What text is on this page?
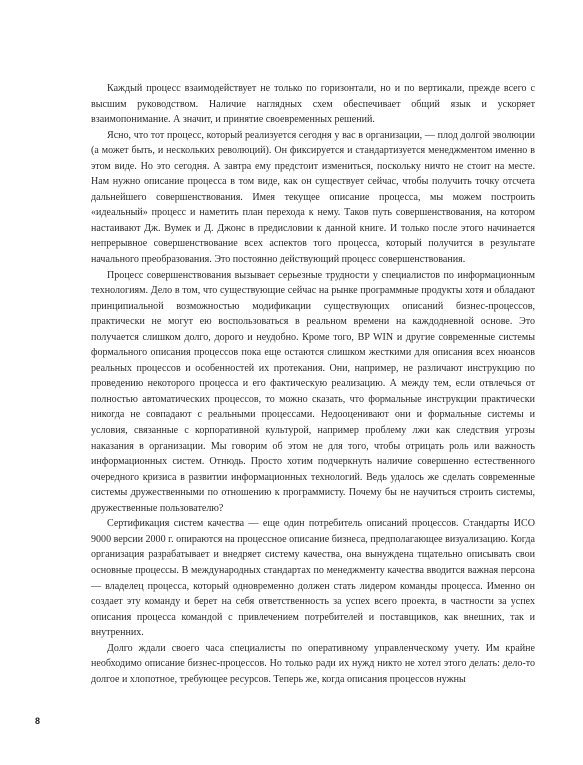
Каждый процесс взаимодействует не только по горизонтали, но и по вертикали, прежде всего с высшим руководством. Наличие наглядных схем обеспечивает общий язык и ускоряет взаимопонимание. А значит, и принятие своевременных решений.

Ясно, что тот процесс, который реализуется сегодня у вас в организации, — плод долгой эволюции (а может быть, и нескольких революций). Он фиксируется и стандартизуется менеджментом именно в этом виде. Но это сегодня. А завтра ему предстоит измениться, поскольку ничто не стоит на месте. Нам нужно описание процесса в том виде, как он существует сейчас, чтобы получить точку отсчета дальнейшего совершенствования. Имея текущее описание процесса, мы можем построить «идеальный» процесс и наметить план перехода к нему. Таков путь совершенствования, на котором настаивают Дж. Вумек и Д. Джонс в предисловии к данной книге. И только после этого начинается непрерывное совершенствование всех аспектов того процесса, который получится в результате начального преобразования. Это постоянно действующий процесс совершенствования.

Процесс совершенствования вызывает серьезные трудности у специалистов по информационным технологиям. Дело в том, что существующие сейчас на рынке программные продукты хотя и обладают принципиальной возможностью модификации существующих описаний бизнес-процессов, практически не могут ею воспользоваться в реальном времени на каждодневной основе. Это получается слишком долго, дорого и неудобно. Кроме того, BP WIN и другие современные системы формального описания процессов пока еще остаются слишком жесткими для описания всех нюансов реальных процессов и особенностей их протекания. Они, например, не различают инструкцию по проведению некоторого процесса и его фактическую реализацию. А между тем, если отвлечься от полностью автоматических процессов, то можно сказать, что формальные инструкции практически никогда не совпадают с реальными процессами. Недооценивают они и формальные системы и условия, связанные с корпоративной культурой, например проблему лжи как следствия угрозы наказания в организации. Мы говорим об этом не для того, чтобы отрицать роль или важность информационных систем. Отнюдь. Просто хотим подчеркнуть наличие совершенно естественного очередного кризиса в развитии информационных технологий. Ведь удалось же сделать современные системы дружественными по отношению к программисту. Почему бы не научиться строить системы, дружественные пользователю?

Сертификация систем качества — еще один потребитель описаний процессов. Стандарты ИСО 9000 версии 2000 г. опираются на процессное описание бизнеса, предполагающее визуализацию. Когда организация разрабатывает и внедряет систему качества, она вынуждена тщательно описывать свои основные процессы. В международных стандартах по менеджменту качества вводится важная персона — владелец процесса, который одновременно должен стать лидером команды процесса. Именно он создает эту команду и берет на себя ответственность за успех всего проекта, в частности за успех описания процесса командой с привлечением потребителей и поставщиков, как внешних, так и внутренних.

Долго ждали своего часа специалисты по оперативному управленческому учету. Им крайне необходимо описание бизнес-процессов. Но только ради их нужд никто не хотел этого делать: дело-то долгое и хлопотное, требующее ресурсов. Теперь же, когда описания процессов нужны

8
